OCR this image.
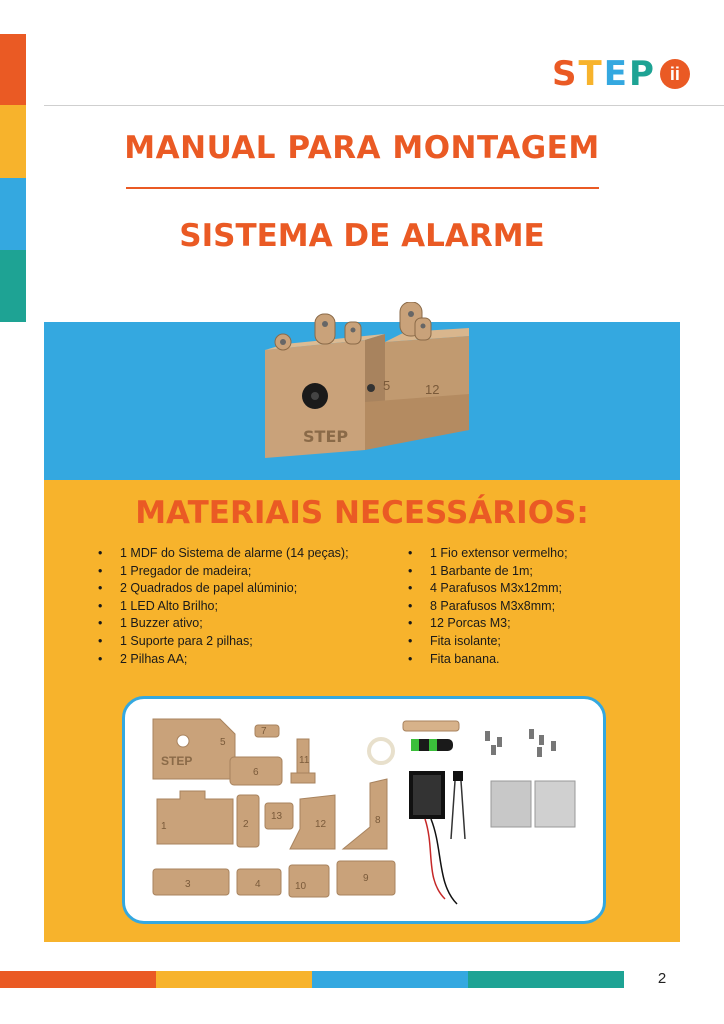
S T E P ii
MANUAL PARA MONTAGEM
SISTEMA DE ALARME
5	12
STEP
MATERIAIS NECESSÁRIOS:
• 1 MDF do Sistema de alarme (14 peças);
• 1 Pregador de madeira;
• 2 Quadrados de papel alúminio;
• 1 LED Alto Brilho;
• 1 Buzzer ativo;
• 1 Suporte para 2 pilhas;
• 2 Pilhas AA;
• 1 Fio extensor vermelho;
• 1 Barbante de 1m;
• 4 Parafusos M3x12mm;
• 8 Parafusos M3x8mm;
• 12 Porcas M3;
• Fita isolante;
• Fita banana.
STEP
5
7
6
11
1	2
13
12	8
3	4	10
9
2
